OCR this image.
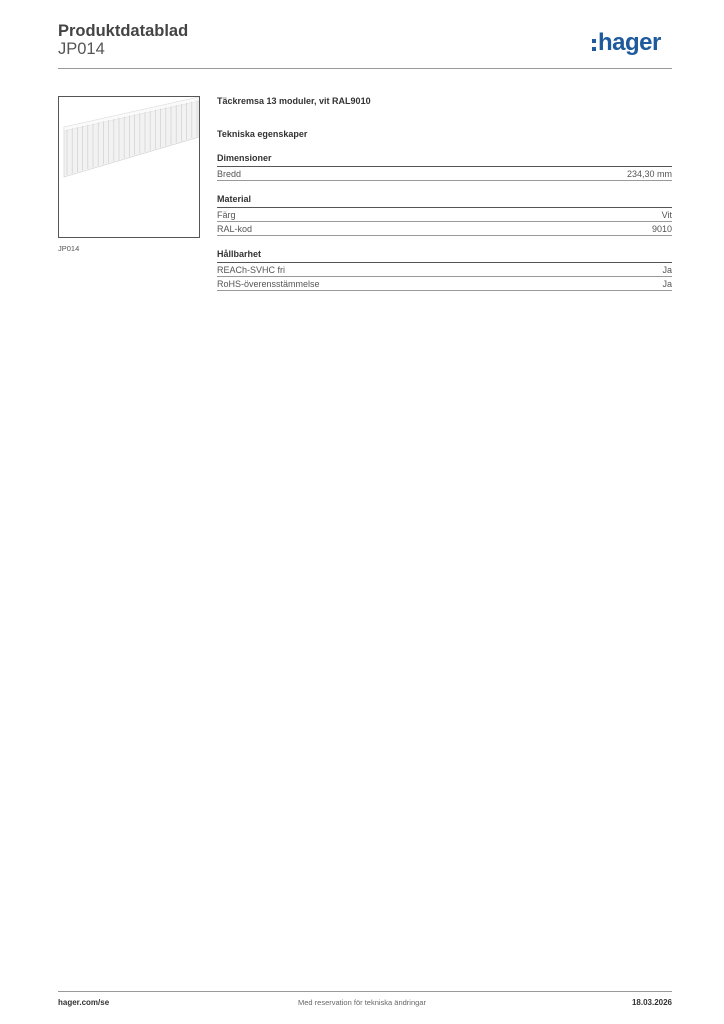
Produktdatablad
JP014	hager
JP014
Täckremsa 13 moduler, vit RAL9010
Tekniska egenskaper
Dimensioner
Bredd	234,30 mm
Material
Färg	Vit
RAL-kod	9010
Hållbarhet
REACh-SVHC fri	Ja
RoHS-överensstämmelse	Ja
hager.com/se	Med reservation för tekniska ändringar	18.03.2026
